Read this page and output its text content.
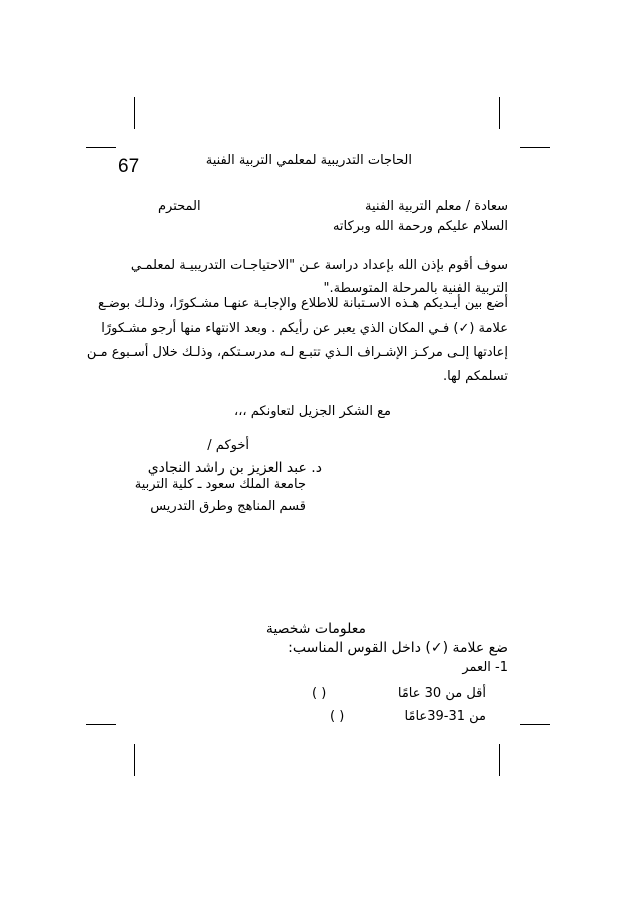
67	الحاجات التدريبية لمعلمي التربية الفنية
سعادة / معلم التربية الفنية
المحترم
السلام عليكم ورحمة الله وبركاته
سوف أقوم بإذن الله بإعداد دراسة عـن "الاحتياجـات التدريبيـة لمعلمـي
التربية الفنية بالمرحلة المتوسطة."
أضع بين أيـديكم هـذه الاسـتبانة للاطلاع والإجابـة عنهـا مشـكورًا، وذلـك بوضـع
علامة (✓) فـي المكان الذي يعبر عن رأيكم . وبعد الانتهاء منها أرجو مشـكورًا
إعادتها إلـى مركـز الإشـراف الـذي تتبـع لـه مدرسـتكم، وذلـك خلال أسـبوع مـن
تسلمكم لها.
مع الشكر الجزيل لتعاونكم ،،،
أخوكم /
د. عبد العزيز بن راشد النجادي
جامعة الملك سعود ـ كلية التربية
قسم المناهج وطرق التدريس
معلومات شخصية
ضع علامة (✓) داخل القوس المناسب:
1- العمر
أقل من 30 عامًا
( )
من 31-39عامًا
( )
